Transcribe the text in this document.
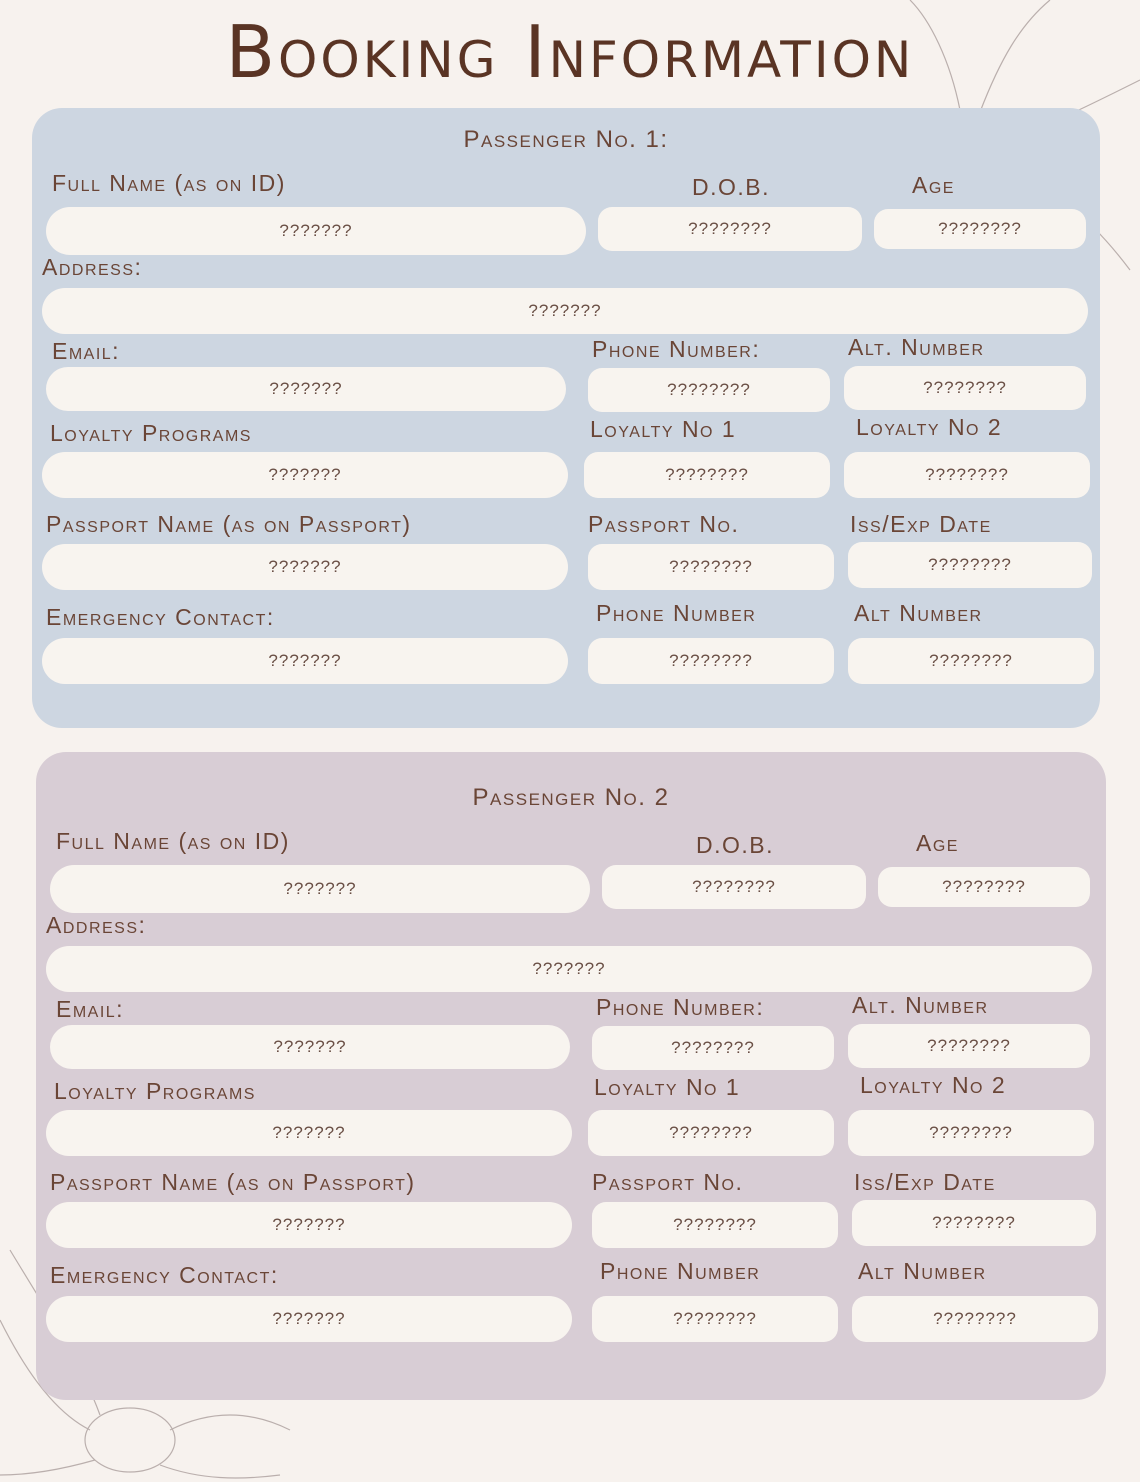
Booking Information
Passenger No. 1:
Full Name (as on ID)
???????
D.O.B.
????????
Age
????????
Address:
???????
Email:
???????
Phone Number:
????????
Alt. Number
????????
Loyalty Programs
???????
Loyalty No 1
????????
Loyalty No 2
????????
Passport Name (as on Passport)
???????
Passport No.
????????
Iss/Exp Date
????????
Emergency Contact:
???????
Phone Number
????????
Alt Number
????????
Passenger No. 2
Full Name (as on ID)
???????
D.O.B.
????????
Age
????????
Address:
???????
Email:
???????
Phone Number:
????????
Alt. Number
????????
Loyalty Programs
???????
Loyalty No 1
????????
Loyalty No 2
????????
Passport Name (as on Passport)
???????
Passport No.
????????
Iss/Exp Date
????????
Emergency Contact:
???????
Phone Number
????????
Alt Number
????????
